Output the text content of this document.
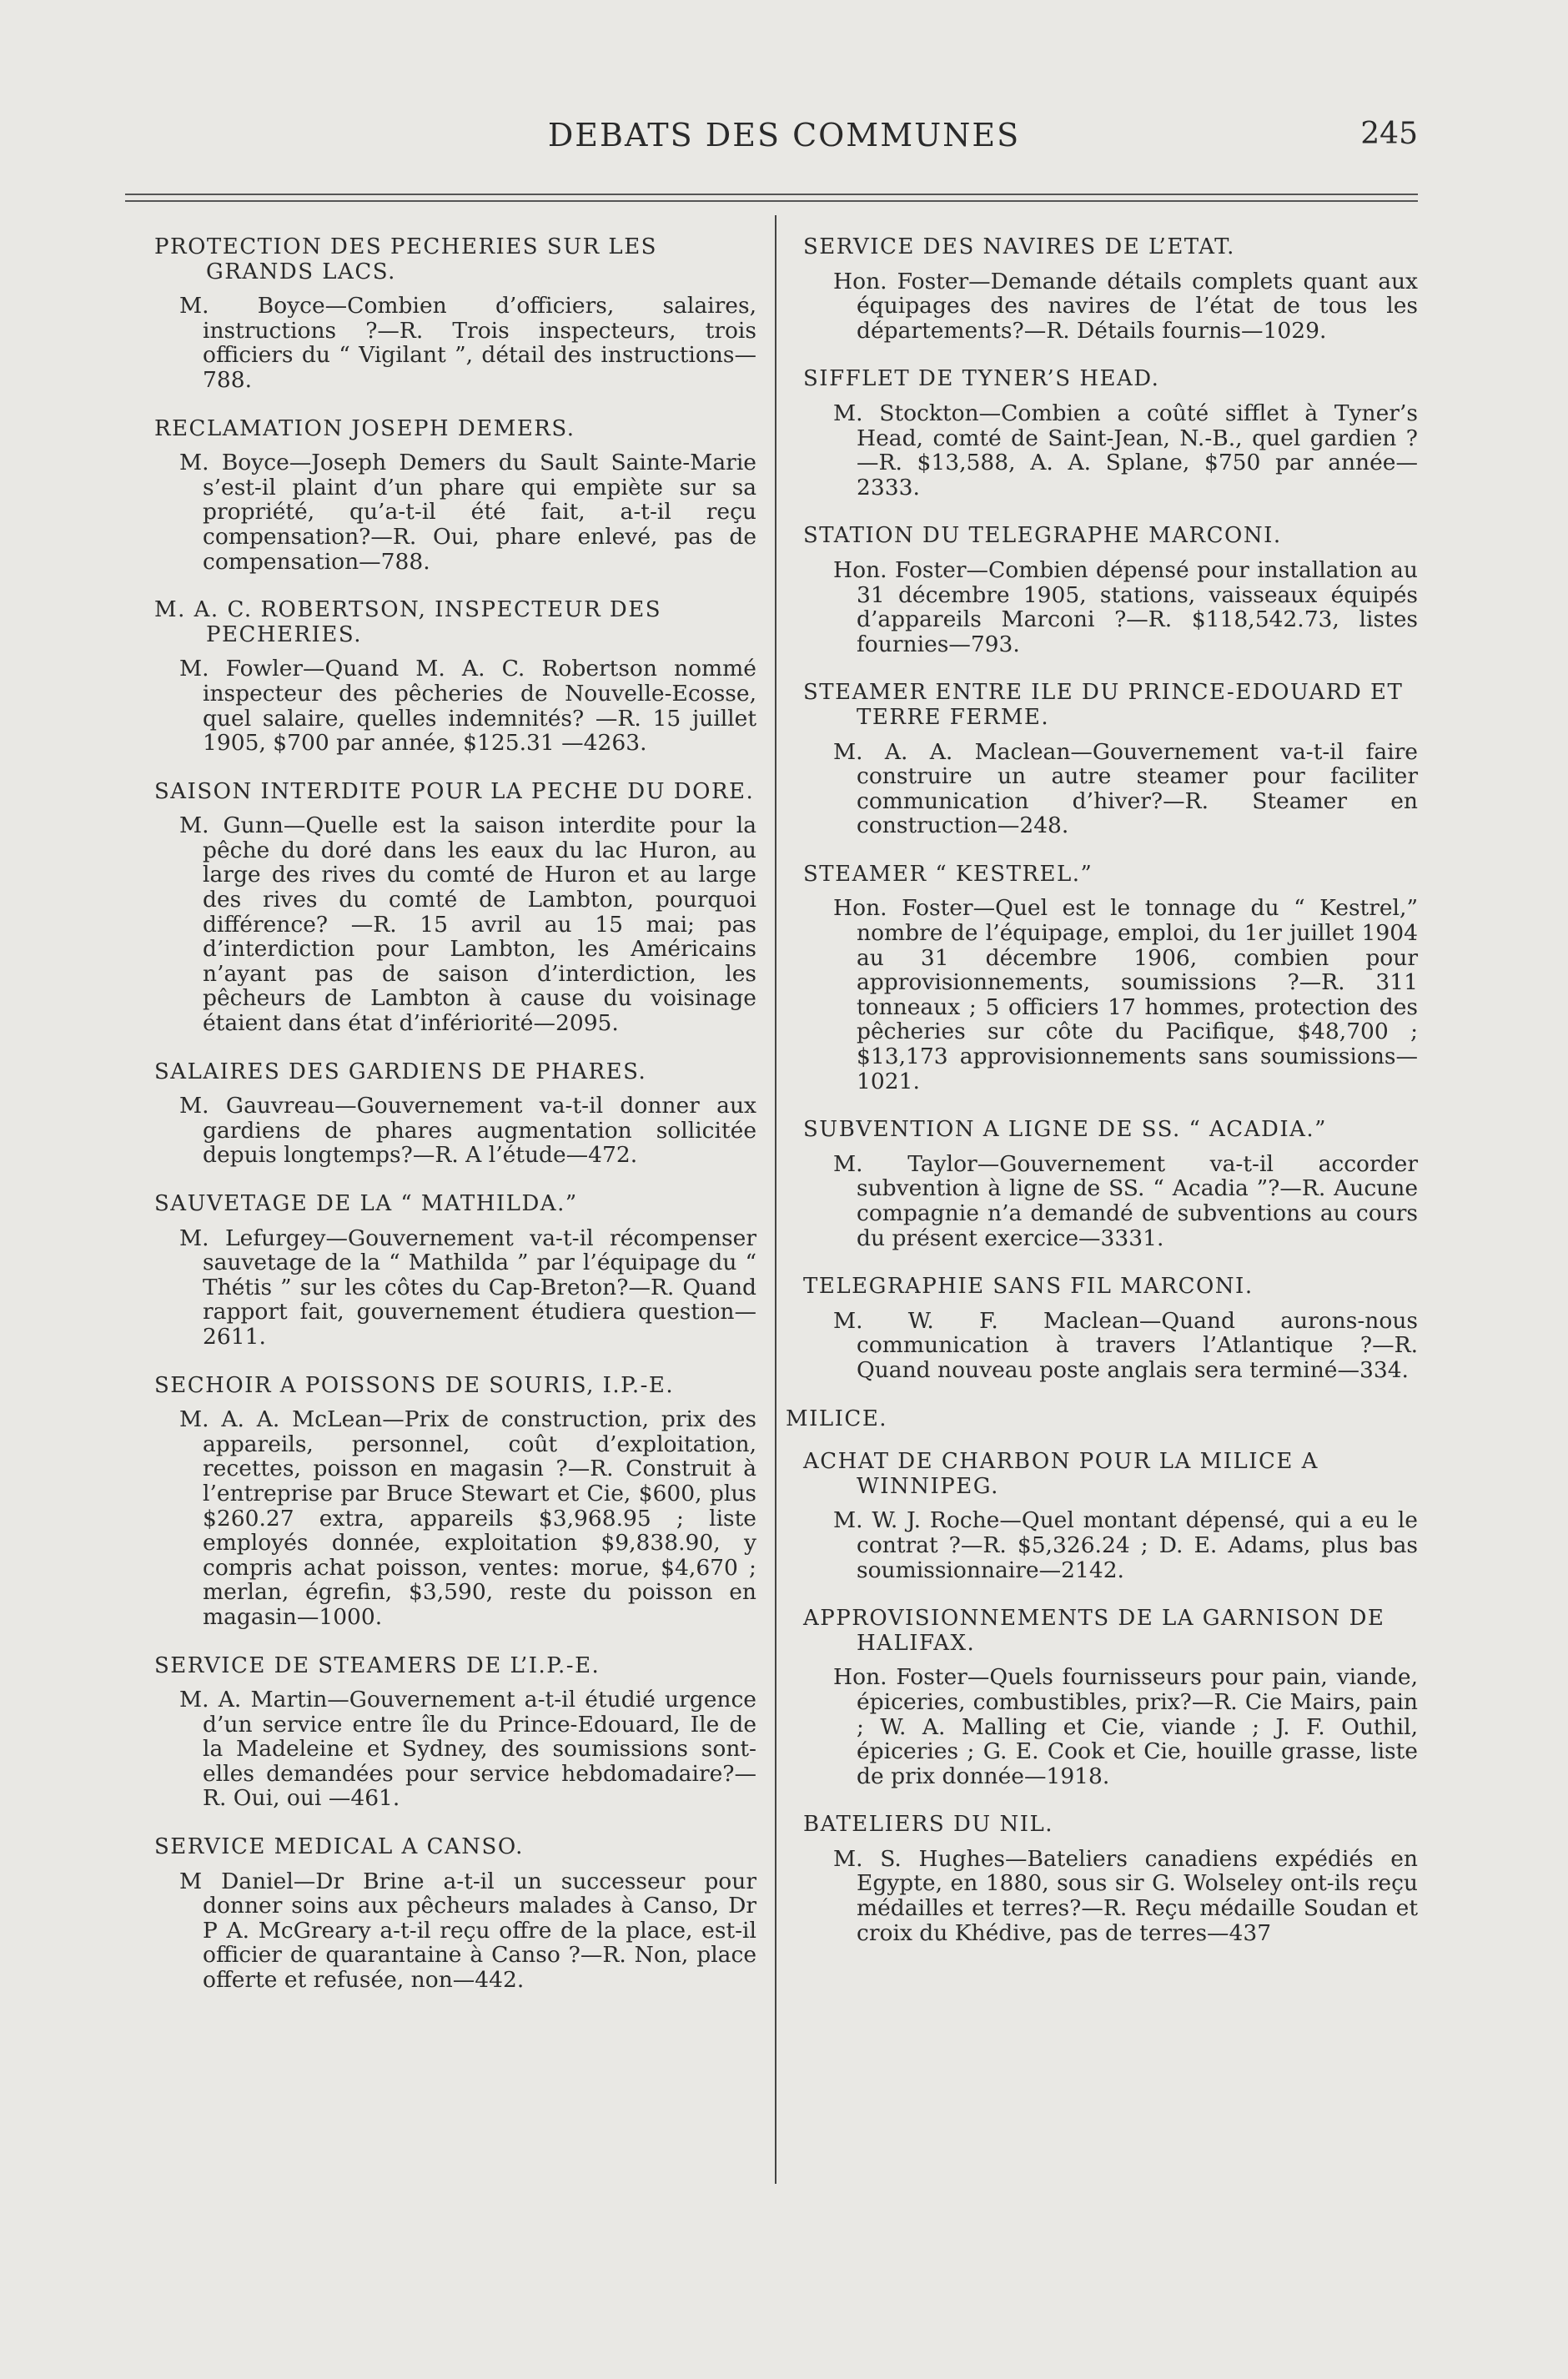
DEBATS DES COMMUNES	245
PROTECTION DES PECHERIES SUR LES GRANDS LACS.
M. Boyce—Combien d’officiers, salaires, instructions ?—R. Trois inspecteurs, trois officiers du “ Vigilant ”, détail des instructions—788.
RECLAMATION JOSEPH DEMERS.
M. Boyce—Joseph Demers du Sault Sainte-Marie s’est-il plaint d’un phare qui empiète sur sa propriété, qu’a-t-il été fait, a-t-il reçu compensation?—R. Oui, phare enlevé, pas de compensation—788.
M. A. C. ROBERTSON, INSPECTEUR DES PECHERIES.
M. Fowler—Quand M. A. C. Robertson nommé inspecteur des pêcheries de Nouvelle-Ecosse, quel salaire, quelles indemnités? —R. 15 juillet 1905, $700 par année, $125.31 —4263.
SAISON INTERDITE POUR LA PECHE DU DORE.
M. Gunn—Quelle est la saison interdite pour la pêche du doré dans les eaux du lac Huron, au large des rives du comté de Huron et au large des rives du comté de Lambton, pourquoi différence? —R. 15 avril au 15 mai; pas d’interdiction pour Lambton, les Américains n’ayant pas de saison d’interdiction, les pêcheurs de Lambton à cause du voisinage étaient dans état d’infériorité—2095.
SALAIRES DES GARDIENS DE PHARES.
M. Gauvreau—Gouvernement va-t-il donner aux gardiens de phares augmentation sollicitée depuis longtemps?—R. A l’étude—472.
SAUVETAGE DE LA “ MATHILDA.”
M. Lefurgey—Gouvernement va-t-il récompenser sauvetage de la “ Mathilda ” par l’équipage du “ Thétis ” sur les côtes du Cap-Breton?—R. Quand rapport fait, gouvernement étudiera question—2611.
SECHOIR A POISSONS DE SOURIS, I.P.-E.
M. A. A. McLean—Prix de construction, prix des appareils, personnel, coût d’exploitation, recettes, poisson en magasin ?—R. Construit à l’entreprise par Bruce Stewart et Cie, $600, plus $260.27 extra, appareils $3,968.95 ; liste employés donnée, exploitation $9,838.90, y compris achat poisson, ventes: morue, $4,670 ; merlan, égrefin, $3,590, reste du poisson en magasin—1000.
SERVICE DE STEAMERS DE L’I.P.-E.
M. A. Martin—Gouvernement a-t-il étudié urgence d’un service entre île du Prince-Edouard, Ile de la Madeleine et Sydney, des soumissions sont-elles demandées pour service hebdomadaire?—R. Oui, oui —461.
SERVICE MEDICAL A CANSO.
M Daniel—Dr Brine a-t-il un successeur pour donner soins aux pêcheurs malades à Canso, Dr P A. McGreary a-t-il reçu offre de la place, est-il officier de quarantaine à Canso ?—R. Non, place offerte et refusée, non—442.
SERVICE DES NAVIRES DE L’ETAT.
Hon. Foster—Demande détails complets quant aux équipages des navires de l’état de tous les départements?—R. Détails fournis—1029.
SIFFLET DE TYNER’S HEAD.
M. Stockton—Combien a coûté sifflet à Tyner’s Head, comté de Saint-Jean, N.-B., quel gardien ?—R. $13,588, A. A. Splane, $750 par année—2333.
STATION DU TELEGRAPHE MARCONI.
Hon. Foster—Combien dépensé pour installation au 31 décembre 1905, stations, vaisseaux équipés d’appareils Marconi ?—R. $118,542.73, listes fournies—793.
STEAMER ENTRE ILE DU PRINCE-EDOUARD ET TERRE FERME.
M. A. A. Maclean—Gouvernement va-t-il faire construire un autre steamer pour faciliter communication d’hiver?—R. Steamer en construction—248.
STEAMER “ KESTREL.”
Hon. Foster—Quel est le tonnage du “ Kestrel,” nombre de l’équipage, emploi, du 1er juillet 1904 au 31 décembre 1906, combien pour approvisionnements, soumissions ?—R. 311 tonneaux ; 5 officiers 17 hommes, protection des pêcheries sur côte du Pacifique, $48,700 ; $13,173 approvisionnements sans soumissions—1021.
SUBVENTION A LIGNE DE SS. “ ACADIA.”
M. Taylor—Gouvernement va-t-il accorder subvention à ligne de SS. “ Acadia ”?—R. Aucune compagnie n’a demandé de subventions au cours du présent exercice—3331.
TELEGRAPHIE SANS FIL MARCONI.
M. W. F. Maclean—Quand aurons-nous communication à travers l’Atlantique ?—R. Quand nouveau poste anglais sera terminé—334.
MILICE.
ACHAT DE CHARBON POUR LA MILICE A WINNIPEG.
M. W. J. Roche—Quel montant dépensé, qui a eu le contrat ?—R. $5,326.24 ; D. E. Adams, plus bas soumissionnaire—2142.
APPROVISIONNEMENTS DE LA GARNISON DE HALIFAX.
Hon. Foster—Quels fournisseurs pour pain, viande, épiceries, combustibles, prix?—R. Cie Mairs, pain ; W. A. Malling et Cie, viande ; J. F. Outhil, épiceries ; G. E. Cook et Cie, houille grasse, liste de prix donnée—1918.
BATELIERS DU NIL.
M. S. Hughes—Bateliers canadiens expédiés en Egypte, en 1880, sous sir G. Wolseley ont-ils reçu médailles et terres?—R. Reçu médaille Soudan et croix du Khédive, pas de terres—437
